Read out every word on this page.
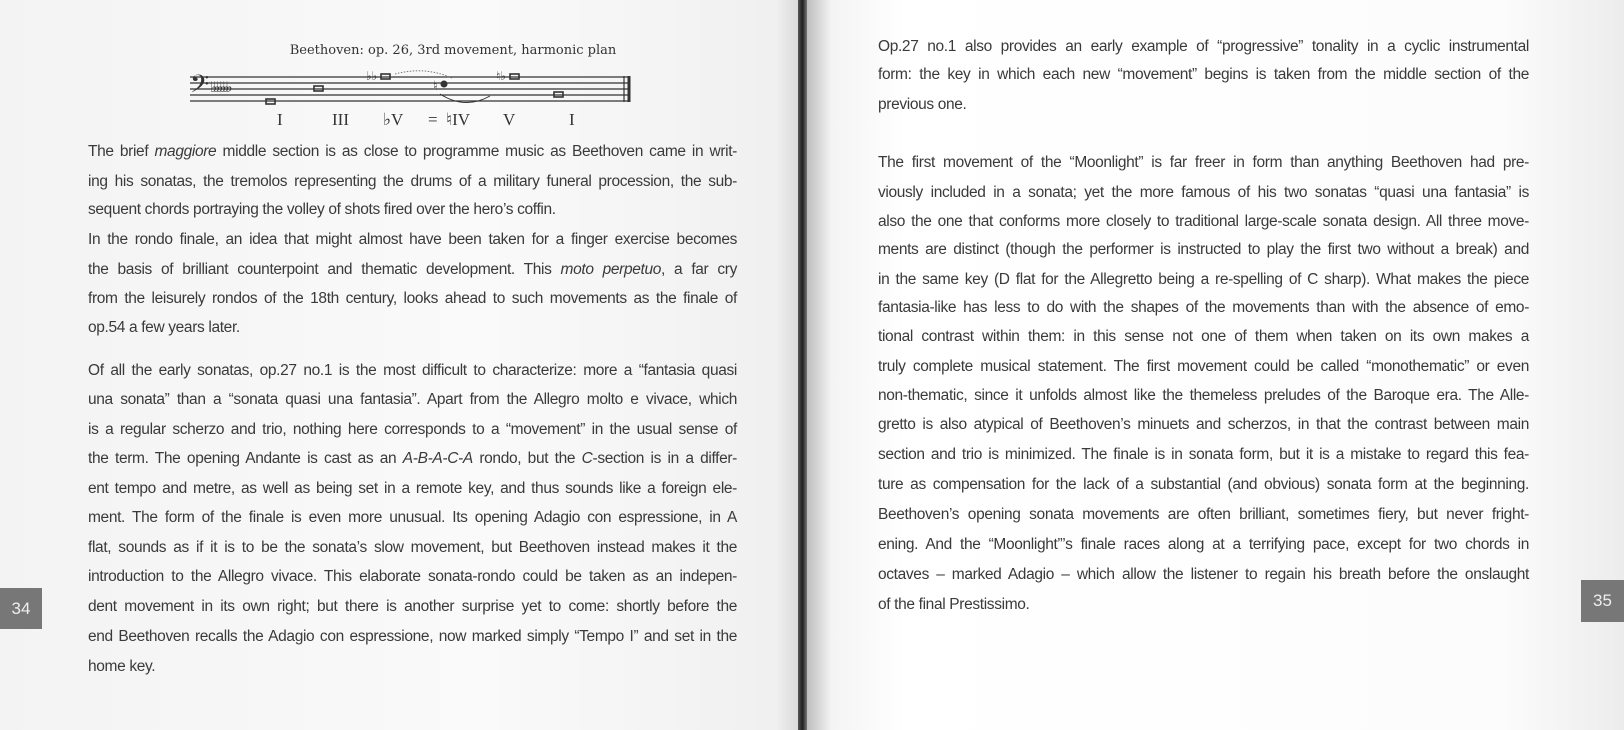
Beethoven: op. 26, 3rd movement, harmonic plan
𝄢 ♭♭♭♭♭♭
♭♭
♮
♮♭
I	III ♭V = ♮IV V	I
The brief maggiore middle section is as close to programme music as Beethoven came in writ-
ing his sonatas, the tremolos representing the drums of a military funeral procession, the sub-
sequent chords portraying the volley of shots fired over the hero’s coffin.
In the rondo finale, an idea that might almost have been taken for a finger exercise becomes
the basis of brilliant counterpoint and thematic development. This moto perpetuo, a far cry
from the leisurely rondos of the 18th century, looks ahead to such movements as the finale of
op.54 a few years later.
Of all the early sonatas, op.27 no.1 is the most difficult to characterize: more a “fantasia quasi
una sonata” than a “sonata quasi una fantasia”. Apart from the Allegro molto e vivace, which
is a regular scherzo and trio, nothing here corresponds to a “movement” in the usual sense of
the term. The opening Andante is cast as an A-B-A-C-A rondo, but the C-section is in a differ-
ent tempo and metre, as well as being set in a remote key, and thus sounds like a foreign ele-
ment. The form of the finale is even more unusual. Its opening Adagio con espressione, in A
flat, sounds as if it is to be the sonata’s slow movement, but Beethoven instead makes it the
introduction to the Allegro vivace. This elaborate sonata-rondo could be taken as an indepen-
dent movement in its own right; but there is another surprise yet to come: shortly before the
end Beethoven recalls the Adagio con espressione, now marked simply “Tempo I” and set in the
home key.
34
Op.27 no.1 also provides an early example of “progressive” tonality in a cyclic instrumental
form: the key in which each new “movement” begins is taken from the middle section of the
previous one.
The first movement of the “Moonlight” is far freer in form than anything Beethoven had pre-
viously included in a sonata; yet the more famous of his two sonatas “quasi una fantasia” is
also the one that conforms more closely to traditional large-scale sonata design. All three move-
ments are distinct (though the performer is instructed to play the first two without a break) and
in the same key (D flat for the Allegretto being a re-spelling of C sharp). What makes the piece
fantasia-like has less to do with the shapes of the movements than with the absence of emo-
tional contrast within them: in this sense not one of them when taken on its own makes a
truly complete musical statement. The first movement could be called “monothematic” or even
non-thematic, since it unfolds almost like the themeless preludes of the Baroque era. The Alle-
gretto is also atypical of Beethoven’s minuets and scherzos, in that the contrast between main
section and trio is minimized. The finale is in sonata form, but it is a mistake to regard this fea-
ture as compensation for the lack of a substantial (and obvious) sonata form at the beginning.
Beethoven’s opening sonata movements are often brilliant, sometimes fiery, but never fright-
ening. And the “Moonlight”’s finale races along at a terrifying pace, except for two chords in
octaves – marked Adagio – which allow the listener to regain his breath before the onslaught
of the final Prestissimo.	35
